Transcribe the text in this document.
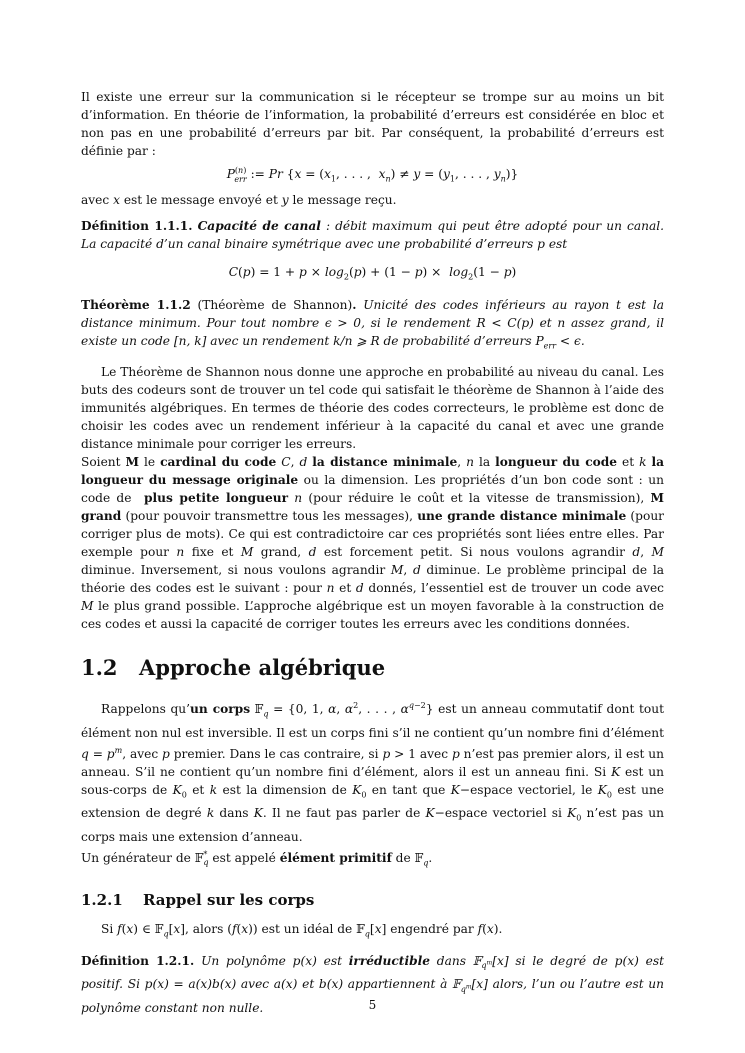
Il existe une erreur sur la communication si le récepteur se trompe sur au moins un bit d’information. En théorie de l’information, la probabilité d’erreurs est considérée en bloc et non pas en une probabilité d’erreurs par bit. Par conséquent, la probabilité d’erreurs est définie par :

$P^{(n)}_{err}$ := Pr {$x = (x_1$, . . . ,  $x_n) \ne y = (y_1$, . . . , $y_n$)}

avec x est le message envoyé et y le message reçu.

Définition 1.1.1. Capacité de canal : débit maximum qui peut être adopté pour un canal. La capacité d’un canal binaire symétrique avec une probabilité d’erreurs p est

$C(p) = 1 + p \times \log_2(p) + (1 - p) \times \log_2(1 - p)$

Théorème 1.1.2 (Théorème de Shannon). Unicité des codes inférieurs au rayon t est la distance minimum. Pour tout nombre ϵ > 0, si le rendement R < C(p) et n assez grand, il existe un code [n, k] avec un rendement k/n ⩾ R de probabilité d’erreurs $P_{err} < \epsilon$.

Le Théorème de Shannon nous donne une approche en probabilité au niveau du canal. Les buts des codeurs sont de trouver un tel code qui satisfait le théorème de Shannon à l’aide des immunités algébriques. En termes de théorie des codes correcteurs, le problème est donc de choisir les codes avec un rendement inférieur à la capacité du canal et avec une grande distance minimale pour corriger les erreurs.

Soient M le cardinal du code C, d la distance minimale, n la longueur du code et k la longueur du message originale ou la dimension. Les propriétés d’un bon code sont : un code de  plus petite longueur n (pour réduire le coût et la vitesse de transmission), M grand (pour pouvoir transmettre tous les messages), une grande distance minimale (pour corriger plus de mots). Ce qui est contradictoire car ces propriétés sont liées entre elles. Par exemple pour n fixe et M grand, d est forcement petit. Si nous voulons agrandir d, M diminue. Inversement, si nous voulons agrandir M, d diminue. Le problème principal de la théorie des codes est le suivant : pour n et d donnés, l’essentiel est de trouver un code avec M le plus grand possible. L’approche algébrique est un moyen favorable à la construction de ces codes et aussi la capacité de corriger toutes les erreurs avec les conditions données.

1.2 Approche algébrique

Rappelons qu’un corps 𝔽$_q$ = {0, 1, α, $\alpha^2$, . . . , $\alpha^{q-2}$} est un anneau commutatif dont tout élément non nul est inversible. Il est un corps fini s’il ne contient qu’un nombre fini d’élément $q = p^m$, avec p premier. Dans le cas contraire, si p > 1 avec p n’est pas premier alors, il est un anneau. S’il ne contient qu’un nombre fini d’élément, alors il est un anneau fini. Si K est un sous-corps de $K_0$ et k est la dimension de $K_0$ en tant que K−espace vectoriel, le $K_0$ est une extension de degré k dans K. Il ne faut pas parler de K−espace vectoriel si $K_0$ n’est pas un corps mais une extension d’anneau.

Un générateur de 𝔽*$_q$ est appelé élément primitif de 𝔽$_q$.

1.2.1 Rappel sur les corps

Si f(x) ∈ 𝔽$_q$[x], alors (f(x)) est un idéal de 𝔽$_q$[x] engendré par f(x).

Définition 1.2.1. Un polynôme p(x) est irréductible dans 𝔽$_{q^m}$[x] si le degré de p(x) est positif. Si p(x) = a(x)b(x) avec a(x) et b(x) appartiennent à 𝔽$_{q^m}$[x] alors, l’un ou l’autre est un polynôme constant non nulle.	5
